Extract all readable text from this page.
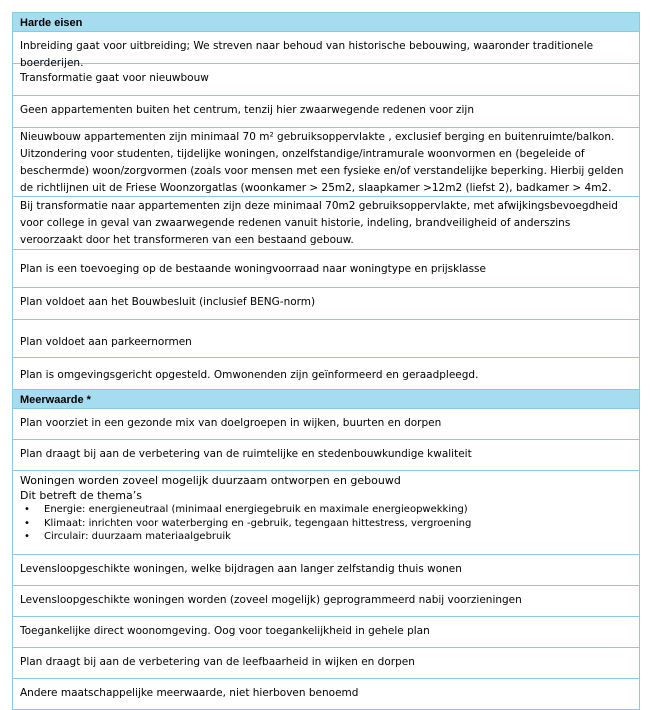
Harde eisen
Inbreiding gaat voor uitbreiding; We streven naar behoud van historische bebouwing, waaronder traditionele boerderijen.
Transformatie gaat voor nieuwbouw
Geen appartementen buiten het centrum, tenzij hier zwaarwegende redenen voor zijn
Nieuwbouw appartementen zijn minimaal 70 m² gebruiksoppervlakte , exclusief berging en buitenruimte/balkon. Uitzondering voor studenten, tijdelijke woningen, onzelfstandige/intramurale woonvormen en (begeleide of beschermde) woon/zorgvormen (zoals voor mensen met een fysieke en/of verstandelijke beperking. Hierbij gelden de richtlijnen uit de Friese Woonzorgatlas (woonkamer > 25m2, slaapkamer >12m2 (liefst 2), badkamer > 4m2.
Bij transformatie naar appartementen zijn deze minimaal 70m2 gebruiksoppervlakte, met afwijkingsbevoegdheid voor college in geval van zwaarwegende redenen vanuit historie, indeling, brandveiligheid of anderszins veroorzaakt door het transformeren van een bestaand gebouw.
Plan is een toevoeging op de bestaande woningvoorraad naar woningtype en prijsklasse
Plan voldoet aan het Bouwbesluit (inclusief BENG-norm)
Plan voldoet aan parkeernormen
Plan is omgevingsgericht opgesteld. Omwonenden zijn geïnformeerd en geraadpleegd.
Meerwaarde *
Plan voorziet in een gezonde mix van doelgroepen in wijken, buurten en dorpen
Plan draagt bij aan de verbetering van de ruimtelijke en stedenbouwkundige kwaliteit
Woningen worden zoveel mogelijk duurzaam ontworpen en gebouwd
Dit betreft de thema’s
• Energie: energieneutraal (minimaal energiegebruik en maximale energieopwekking)
• Klimaat: inrichten voor waterberging en -gebruik, tegengaan hittestress, vergroening
• Circulair: duurzaam materiaalgebruik
Levensloopgeschikte woningen, welke bijdragen aan langer zelfstandig thuis wonen
Levensloopgeschikte woningen worden (zoveel mogelijk) geprogrammeerd nabij voorzieningen
Toegankelijke direct woonomgeving. Oog voor toegankelijkheid in gehele plan
Plan draagt bij aan de verbetering van de leefbaarheid in wijken en dorpen
Andere maatschappelijke meerwaarde, niet hierboven benoemd
